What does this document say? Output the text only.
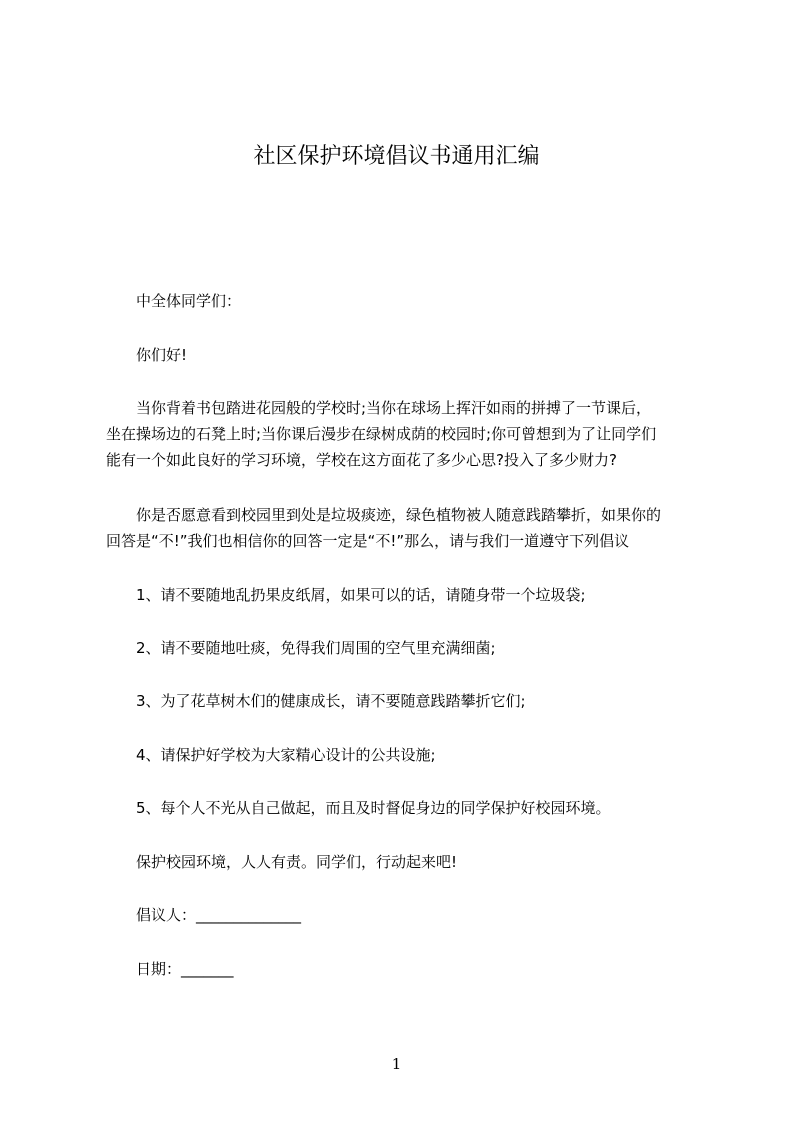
社区保护环境倡议书通用汇编
中全体同学们：
你们好!
当你背着书包踏进花园般的学校时;当你在球场上挥汗如雨的拼搏了一节课后，
坐在操场边的石凳上时;当你课后漫步在绿树成荫的校园时;你可曾想到为了让同学们
能有一个如此良好的学习环境，学校在这方面花了多少心思?投入了多少财力?
你是否愿意看到校园里到处是垃圾痰迹，绿色植物被人随意践踏攀折，如果你的
回答是“不!”我们也相信你的回答一定是“不!”那么，请与我们一道遵守下列倡议
1、请不要随地乱扔果皮纸屑，如果可以的话，请随身带一个垃圾袋;
2、请不要随地吐痰，免得我们周围的空气里充满细菌;
3、为了花草树木们的健康成长，请不要随意践踏攀折它们;
4、请保护好学校为大家精心设计的公共设施;
5、每个人不光从自己做起，而且及时督促身边的同学保护好校园环境。
保护校园环境，人人有责。同学们，行动起来吧!
倡议人：______________
日期：_______
1
